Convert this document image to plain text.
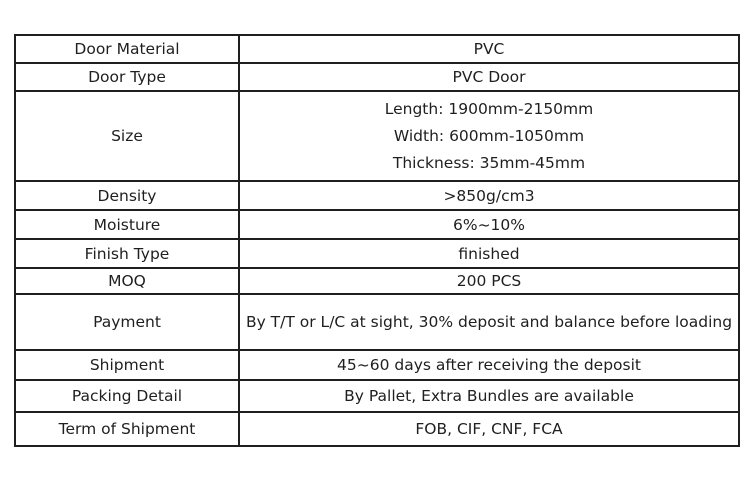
Door Material	PVC
Door Type	PVC Door
Size	Length: 1900mm-2150mm
Width: 600mm-1050mm
Thickness: 35mm-45mm

Density	>850g/cm3
Moisture	6%~10%
Finish Type	finished
MOQ	200 PCS
Payment	By T/T or L/C at sight, 30% deposit and balance before loading
Shipment	45~60 days after receiving the deposit
Packing Detail	By Pallet, Extra Bundles are available
Term of Shipment	FOB, CIF, CNF, FCA
